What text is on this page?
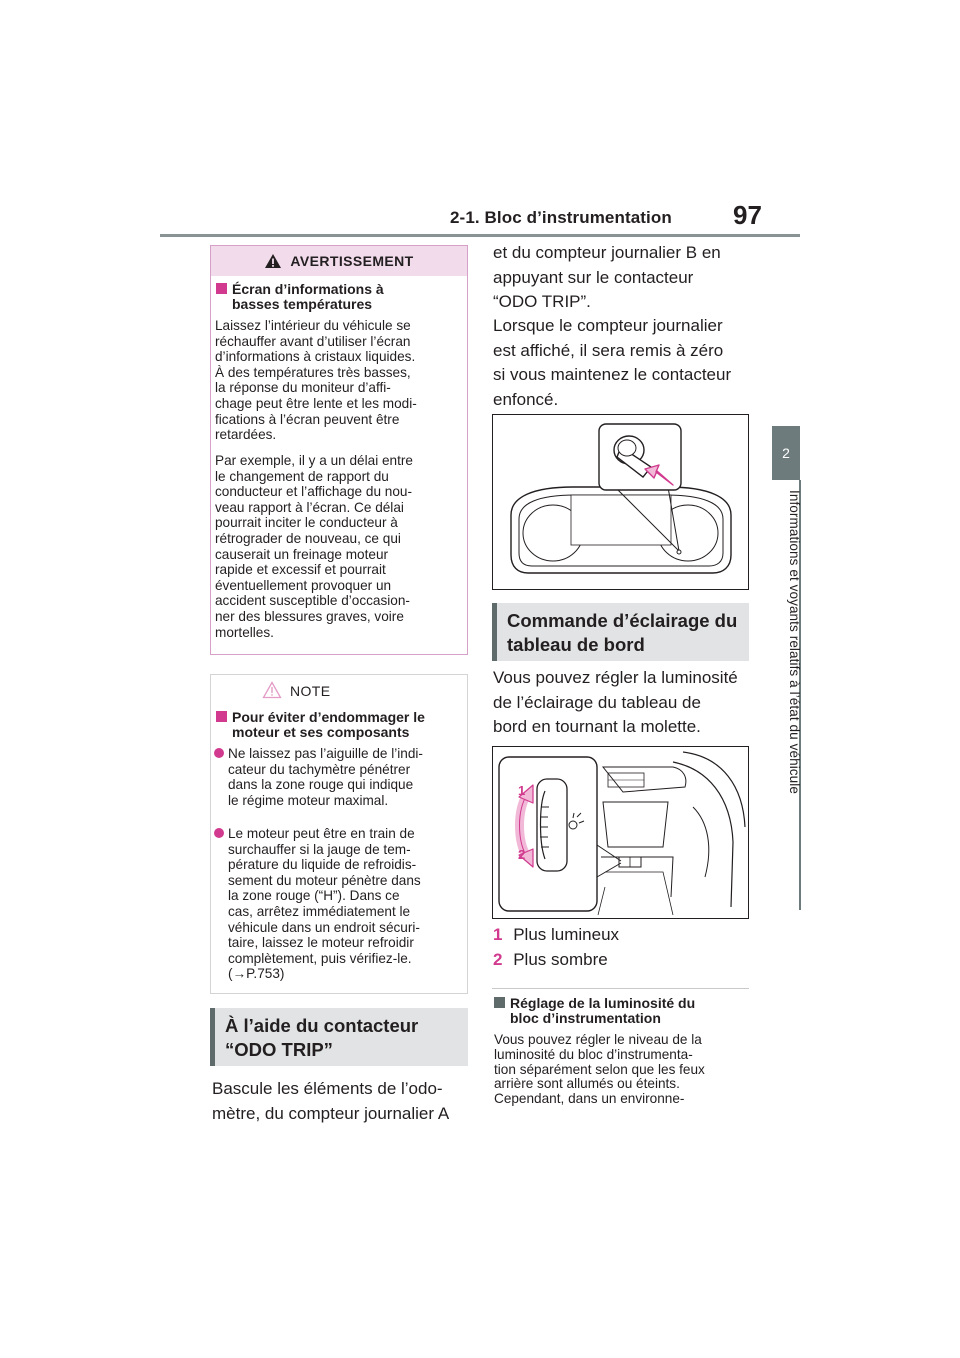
2-1. Bloc d’instrumentation 97
2
Informations et voyants relatifs à l’état du véhicule
AVERTISSEMENT
Écran d’informations à
basses températures
Laissez l’intérieur du véhicule se
réchauffer avant d’utiliser l’écran
d’informations à cristaux liquides.
À des températures très basses,
la réponse du moniteur d’affi-
chage peut être lente et les modi-
fications à l’écran peuvent être
retardées.
Par exemple, il y a un délai entre
le changement de rapport du
conducteur et l’affichage du nou-
veau rapport à l’écran. Ce délai
pourrait inciter le conducteur à
rétrograder de nouveau, ce qui
causerait un freinage moteur
rapide et excessif et pourrait
éventuellement provoquer un
accident susceptible d’occasion-
ner des blessures graves, voire
mortelles.
NOTE
Pour éviter d’endommager le
moteur et ses composants
Ne laissez pas l’aiguille de l’indi-
cateur du tachymètre pénétrer
dans la zone rouge qui indique
le régime moteur maximal.
Le moteur peut être en train de
surchauffer si la jauge de tem-
pérature du liquide de refroidis-
sement du moteur pénètre dans
la zone rouge (“H”). Dans ce
cas, arrêtez immédiatement le
véhicule dans un endroit sécuri-
taire, laissez le moteur refroidir
complètement, puis vérifiez-le.
(→P.753)
À l’aide du contacteur
“ODO TRIP”
Bascule les éléments de l’odo-
mètre, du compteur journalier A
et du compteur journalier B en
appuyant sur le contacteur
“ODO TRIP”.
Lorsque le compteur journalier
est affiché, il sera remis à zéro
si vous maintenez le contacteur
enfoncé.
Commande d’éclairage du
tableau de bord
Vous pouvez régler la luminosité
de l’éclairage du tableau de
bord en tournant la molette.
1
2
1 Plus lumineux
2 Plus sombre
Réglage de la luminosité du
bloc d’instrumentation
Vous pouvez régler le niveau de la
luminosité du bloc d’instrumenta-
tion séparément selon que les feux
arrière sont allumés ou éteints.
Cependant, dans un environne-
